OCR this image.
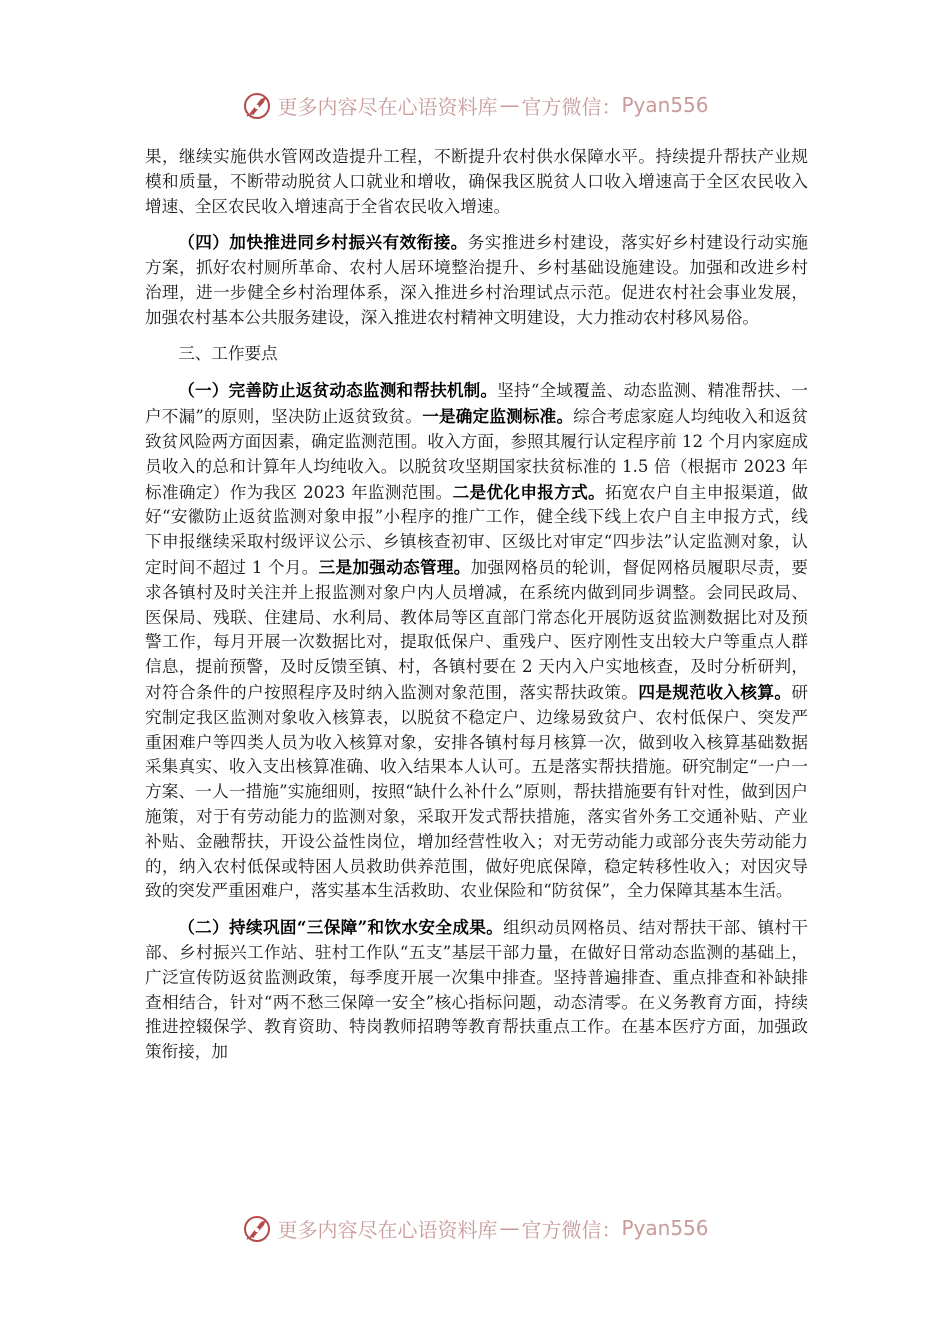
更多内容尽在心语资料库 — 官方微信： Pyan556

果，继续实施供水管网改造提升工程，不断提升农村供水保障水平。持续提升帮扶产业规模和质量，不断带动脱贫人口就业和增收，确保我区脱贫人口收入增速高于全区农民收入增速、全区农民收入增速高于全省农民收入增速。

（四）加快推进同乡村振兴有效衔接。务实推进乡村建设，落实好乡村建设行动实施方案，抓好农村厕所革命、农村人居环境整治提升、乡村基础设施建设。加强和改进乡村治理，进一步健全乡村治理体系，深入推进乡村治理试点示范。促进农村社会事业发展，加强农村基本公共服务建设，深入推进农村精神文明建设，大力推动农村移风易俗。

三、工作要点

（一）完善防止返贫动态监测和帮扶机制。坚持“全域覆盖、动态监测、精准帮扶、一户不漏”的原则，坚决防止返贫致贫。一是确定监测标准。综合考虑家庭人均纯收入和返贫致贫风险两方面因素，确定监测范围。收入方面，参照其履行认定程序前 12 个月内家庭成员收入的总和计算年人均纯收入。以脱贫攻坚期国家扶贫标准的 1.5 倍（根据市 2023 年标准确定）作为我区 2023 年监测范围。二是优化申报方式。拓宽农户自主申报渠道，做好“安徽防止返贫监测对象申报”小程序的推广工作，健全线下线上农户自主申报方式，线下申报继续采取村级评议公示、乡镇核查初审、区级比对审定“四步法”认定监测对象，认定时间不超过 1 个月。三是加强动态管理。加强网格员的轮训，督促网格员履职尽责，要求各镇村及时关注并上报监测对象户内人员增减，在系统内做到同步调整。会同民政局、医保局、残联、住建局、水利局、教体局等区直部门常态化开展防返贫监测数据比对及预警工作，每月开展一次数据比对，提取低保户、重残户、医疗刚性支出较大户等重点人群信息，提前预警，及时反馈至镇、村，各镇村要在 2 天内入户实地核查，及时分析研判，对符合条件的户按照程序及时纳入监测对象范围，落实帮扶政策。四是规范收入核算。研究制定我区监测对象收入核算表，以脱贫不稳定户、边缘易致贫户、农村低保户、突发严重困难户等四类人员为收入核算对象，安排各镇村每月核算一次，做到收入核算基础数据采集真实、收入支出核算准确、收入结果本人认可。五是落实帮扶措施。研究制定“一户一方案、一人一措施”实施细则，按照“缺什么补什么”原则，帮扶措施要有针对性，做到因户施策，对于有劳动能力的监测对象，采取开发式帮扶措施，落实省外务工交通补贴、产业补贴、金融帮扶，开设公益性岗位，增加经营性收入；对无劳动能力或部分丧失劳动能力的，纳入农村低保或特困人员救助供养范围，做好兜底保障，稳定转移性收入；对因灾导致的突发严重困难户，落实基本生活救助、农业保险和“防贫保”，全力保障其基本生活。

（二）持续巩固“三保障”和饮水安全成果。组织动员网格员、结对帮扶干部、镇村干部、乡村振兴工作站、驻村工作队“五支”基层干部力量，在做好日常动态监测的基础上，广泛宣传防返贫监测政策，每季度开展一次集中排查。坚持普遍排查、重点排查和补缺排查相结合，针对“两不愁三保障一安全”核心指标问题，动态清零。在义务教育方面，持续推进控辍保学、教育资助、特岗教师招聘等教育帮扶重点工作。在基本医疗方面，加强政策衔接，加

更多内容尽在心语资料库 — 官方微信： Pyan556
